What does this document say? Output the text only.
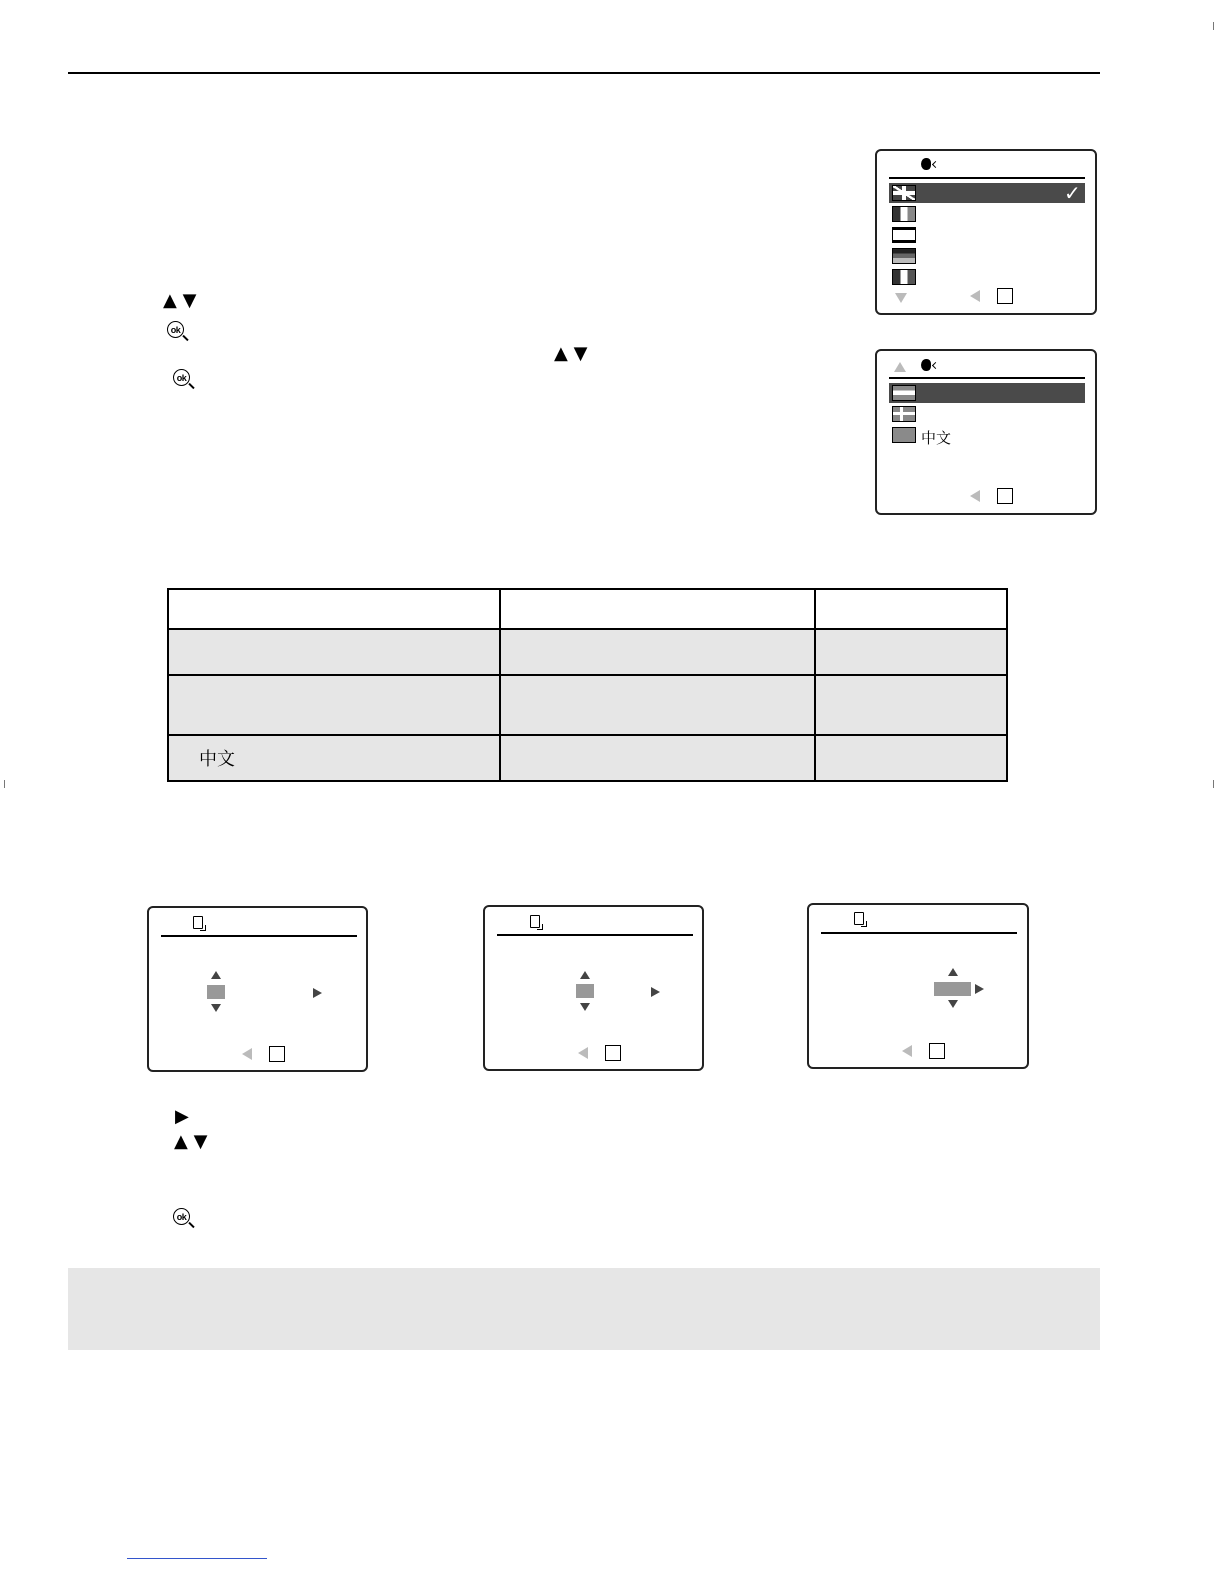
▲ ▼
ok
▲ ▼
ok
✓
中文

中文		
▶
▲ ▼
ok
